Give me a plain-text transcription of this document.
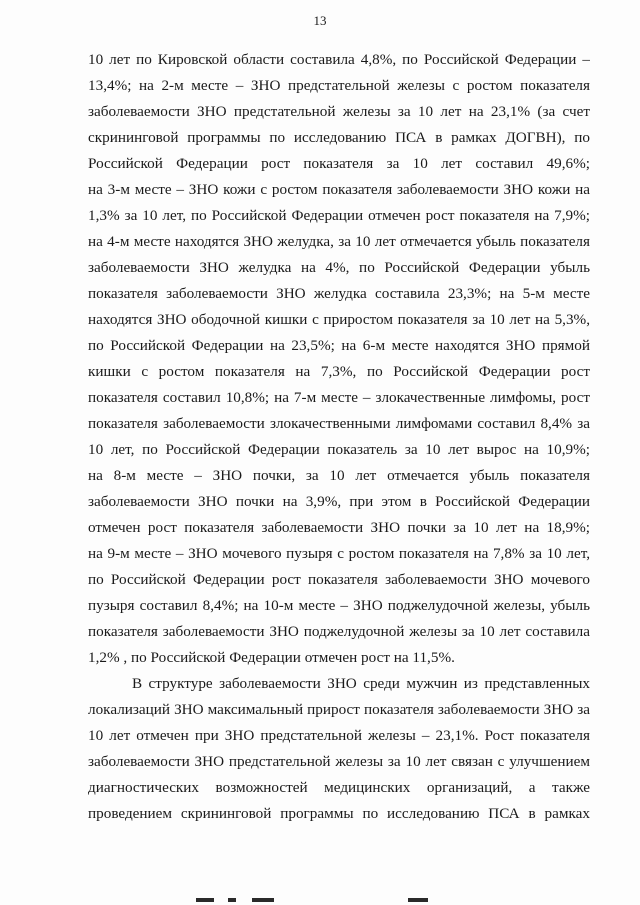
13
10 лет по Кировской области составила 4,8%, по Российской Федерации –
13,4%; на 2-м месте – ЗНО предстательной железы с ростом показателя
заболеваемости ЗНО предстательной железы за 10 лет на 23,1% (за счет
скрининговой программы по исследованию ПСА в рамках ДОГВН), по
Российской Федерации рост показателя за 10 лет составил 49,6%;
на 3-м месте – ЗНО кожи с ростом показателя заболеваемости ЗНО кожи на
1,3% за 10 лет, по Российской Федерации отмечен рост показателя на 7,9%;
на 4-м месте находятся ЗНО желудка, за 10 лет отмечается убыль показателя
заболеваемости ЗНО желудка на 4%, по Российской Федерации убыль
показателя заболеваемости ЗНО желудка составила 23,3%; на 5-м месте
находятся ЗНО ободочной кишки с приростом показателя за 10 лет на 5,3%,
по Российской Федерации на 23,5%; на 6-м месте находятся ЗНО прямой
кишки с ростом показателя на 7,3%, по Российской Федерации рост
показателя составил 10,8%; на 7-м месте – злокачественные лимфомы, рост
показателя заболеваемости злокачественными лимфомами составил 8,4% за
10 лет, по Российской Федерации показатель за 10 лет вырос на 10,9%;
на 8-м месте – ЗНО почки, за 10 лет отмечается убыль показателя
заболеваемости ЗНО почки на 3,9%, при этом в Российской Федерации
отмечен рост показателя заболеваемости ЗНО почки за 10 лет на 18,9%;
на 9-м месте – ЗНО мочевого пузыря с ростом показателя на 7,8% за 10 лет,
по Российской Федерации рост показателя заболеваемости ЗНО мочевого
пузыря составил 8,4%; на 10-м месте – ЗНО поджелудочной железы, убыль
показателя заболеваемости ЗНО поджелудочной железы за 10 лет составила
1,2% , по Российской Федерации отмечен рост на 11,5%.
В структуре заболеваемости ЗНО среди мужчин из представленных
локализаций ЗНО максимальный прирост показателя заболеваемости ЗНО за
10 лет отмечен при ЗНО предстательной железы – 23,1%. Рост показателя
заболеваемости ЗНО предстательной железы за 10 лет связан с улучшением
диагностических возможностей медицинских организаций, а также
проведением скрининговой программы по исследованию ПСА в рамках
